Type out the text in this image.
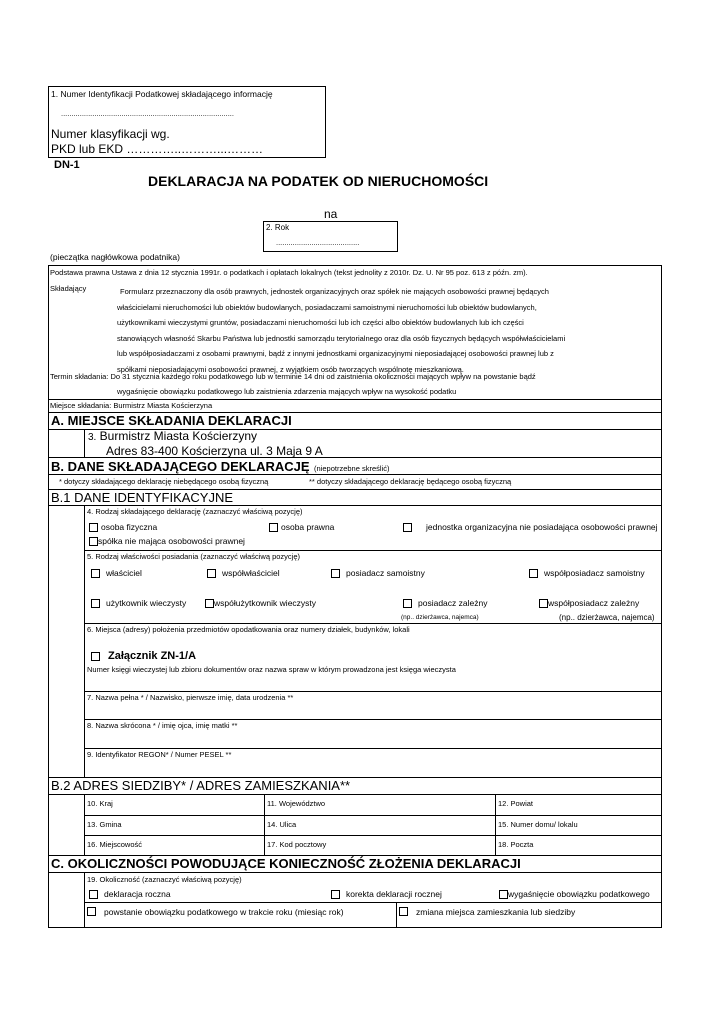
1. Numer Identyfikacji Podatkowej składającego informację
...................................................................................
Numer klasyfikacji wg.
PKD lub EKD …………..………...………
DN-1
DEKLARACJA NA PODATEK OD NIERUCHOMOŚCI
na
2. Rok
........................................
(pieczątka nagłówkowa podatnika)
Podstawa prawna Ustawa z dnia 12 stycznia 1991r. o podatkach i opłatach lokalnych (tekst jednolity z 2010r. Dz. U. Nr 95 poz. 613 z późn. zm).
Składający	Formularz przeznaczony dla osób prawnych, jednostek organizacyjnych oraz spółek nie mających osobowości prawnej będących
właścicielami nieruchomości lub obiektów budowlanych, posiadaczami samoistnymi nieruchomości lub obiektów budowlanych,
użytkownikami wieczystymi gruntów, posiadaczami nieruchomości lub ich części albo obiektów budowlanych lub ich części
stanowiących własność Skarbu Państwa lub jednostki samorządu terytorialnego oraz dla osób fizycznych będących współwłaścicielami
lub współposiadaczami z osobami prawnymi, bądź z innymi jednostkami organizacyjnymi nieposiadającej osobowości prawnej lub z
spółkami nieposiadającymi osobowości prawnej, z wyjątkiem osób tworzących wspólnotę mieszkaniową.
Termin składania: Do 31 stycznia każdego roku podatkowego lub w terminie 14 dni od zaistnienia okoliczności mających wpływ na powstanie bądź
wygaśnięcie obowiązku podatkowego lub zaistnienia zdarzenia mających wpływ na wysokość podatku
Miejsce składania: Burmistrz Miasta Kościerzyna
A. MIEJSCE SKŁADANIA DEKLARACJI
3. Burmistrz Miasta Kościerzyny
Adres 83-400 Kościerzyna ul. 3 Maja 9 A
B. DANE SKŁADAJĄCEGO DEKLARACJĘ (niepotrzebne skreślić)
* dotyczy składającego deklarację niebędącego osobą fizyczną	** dotyczy składającego deklarację będącego osobą fizyczną
B.1 DANE IDENTYFIKACYJNE
4. Rodzaj składającego deklarację (zaznaczyć właściwą pozycję)
osoba fizyczna	osoba prawna	jednostka organizacyjna nie posiadająca osobowości prawnej
spółka nie mająca osobowości prawnej
5. Rodzaj właściwości posiadania (zaznaczyć właściwą pozycję)
właściciel	współwłaściciel	posiadacz samoistny	współposiadacz samoistny
użytkownik wieczysty	współużytkownik wieczysty	posiadacz zależny	współposiadacz zależny
(np.. dzierżawca, najemca)	(np.. dzierżawca, najemca)
6. Miejsca (adresy) położenia przedmiotów opodatkowania oraz numery działek, budynków, lokali
Załącznik ZN-1/A
Numer księgi wieczystej lub zbioru dokumentów oraz nazwa spraw w którym prowadzona jest księga wieczysta
7. Nazwa pełna * / Nazwisko, pierwsze imię, data urodzenia **
8. Nazwa skrócona * / imię ojca, imię matki **
9. Identyfikator REGON* / Numer PESEL **
B.2 ADRES SIEDZIBY* / ADRES ZAMIESZKANIA**
10. Kraj	11. Województwo	12. Powiat
13. Gmina	14. Ulica	15. Numer domu/ lokalu
16. Miejscowość	17. Kod pocztowy	18. Poczta
C. OKOLICZNOŚCI POWODUJĄCE KONIECZNOŚĆ ZŁOŻENIA DEKLARACJI
19. Okoliczność (zaznaczyć właściwą pozycję)
deklaracja roczna	korekta deklaracji rocznej	wygaśnięcie obowiązku podatkowego
powstanie obowiązku podatkowego w trakcie roku (miesiąc rok)	zmiana miejsca zamieszkania lub siedziby
